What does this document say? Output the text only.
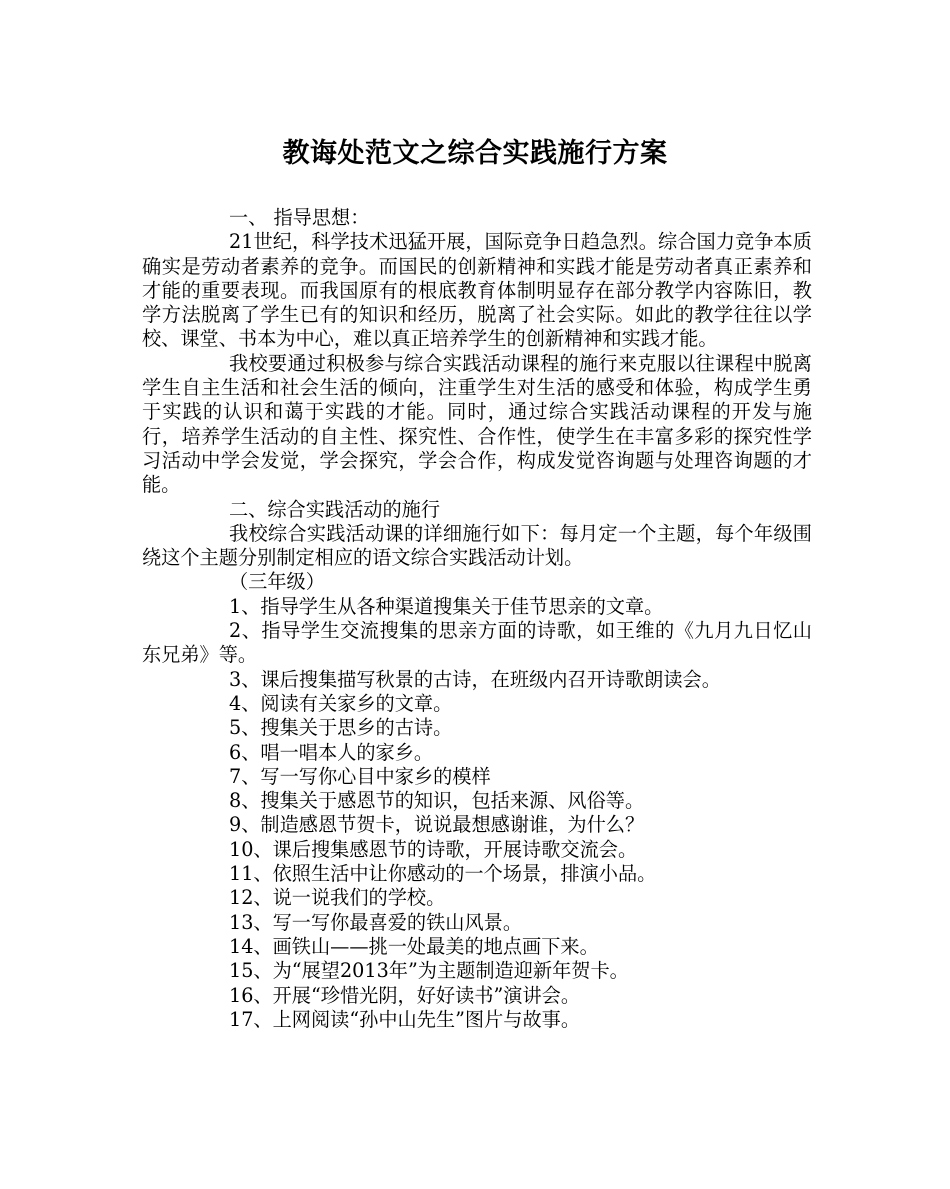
教诲处范文之综合实践施行方案

一、 指导思想：

21世纪，科学技术迅猛开展，国际竞争日趋急烈。综合国力竞争本质确实是劳动者素养的竞争。而国民的创新精神和实践才能是劳动者真正素养和才能的重要表现。而我国原有的根底教育体制明显存在部分教学内容陈旧，教学方法脱离了学生已有的知识和经历，脱离了社会实际。如此的教学往往以学校、课堂、书本为中心，难以真正培养学生的创新精神和实践才能。

我校要通过积极参与综合实践活动课程的施行来克服以往课程中脱离学生自主生活和社会生活的倾向，注重学生对生活的感受和体验，构成学生勇于实践的认识和蔼于实践的才能。同时，通过综合实践活动课程的开发与施行，培养学生活动的自主性、探究性、合作性，使学生在丰富多彩的探究性学习活动中学会发觉，学会探究，学会合作，构成发觉咨询题与处理咨询题的才能。

二、综合实践活动的施行

我校综合实践活动课的详细施行如下：每月定一个主题，每个年级围绕这个主题分别制定相应的语文综合实践活动计划。

（三年级）

1、指导学生从各种渠道搜集关于佳节思亲的文章。

2、指导学生交流搜集的思亲方面的诗歌，如王维的《九月九日忆山东兄弟》等。

3、课后搜集描写秋景的古诗，在班级内召开诗歌朗读会。

4、阅读有关家乡的文章。

5、搜集关于思乡的古诗。

6、唱一唱本人的家乡。

7、写一写你心目中家乡的模样

8、搜集关于感恩节的知识，包括来源、风俗等。

9、制造感恩节贺卡，说说最想感谢谁，为什么？

10、课后搜集感恩节的诗歌，开展诗歌交流会。

11、依照生活中让你感动的一个场景，排演小品。

12、说一说我们的学校。

13、写一写你最喜爱的铁山风景。

14、画铁山——挑一处最美的地点画下来。

15、为“展望2013年”为主题制造迎新年贺卡。

16、开展“珍惜光阴，好好读书”演讲会。

17、上网阅读“孙中山先生”图片与故事。
